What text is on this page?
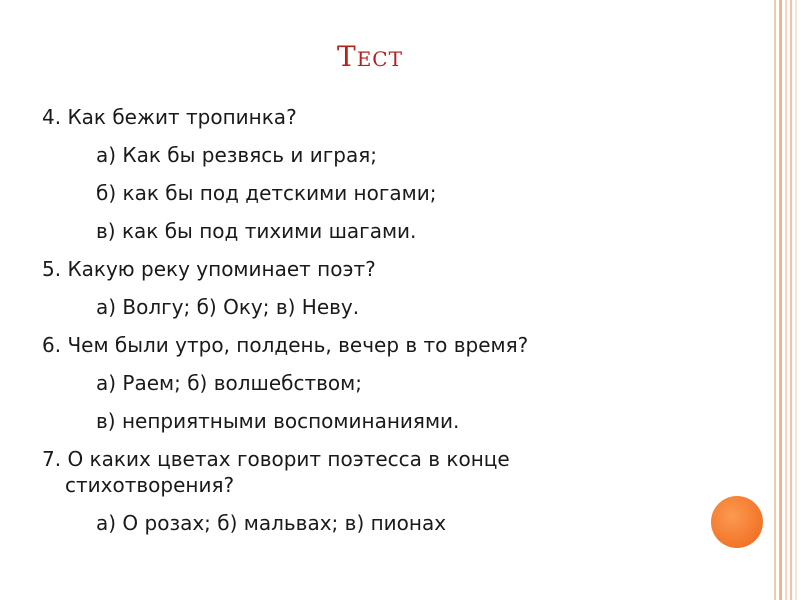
Тест
4. Как бежит тропинка?
а) Как бы резвясь и играя;
б) как бы под детскими ногами;
в) как бы под тихими шагами.
5. Какую реку упоминает поэт?
а) Волгу; б) Оку; в) Неву.
6. Чем были утро, полдень, вечер в то время?
а) Раем; б) волшебством;
в) неприятными воспоминаниями.
7. О каких цветах говорит поэтесса в конце стихотворения?
а) О розах; б) мальвах; в) пионах
